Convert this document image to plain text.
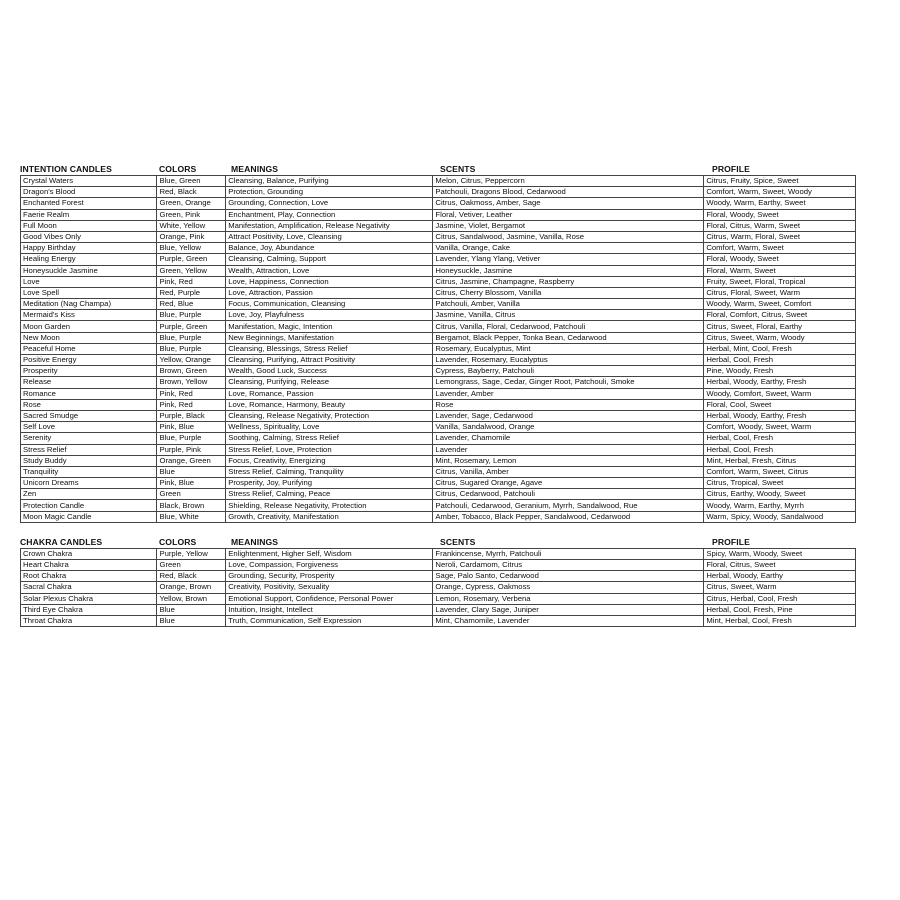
INTENTION CANDLES	COLORS	MEANINGS	SCENTS	PROFILE
Crystal Waters	Blue, Green	Cleansing, Balance, Purifying	Melon, Citrus, Peppercorn	Citrus, Fruity, Spice, Sweet
Dragon's Blood	Red, Black	Protection, Grounding	Patchouli, Dragons Blood, Cedarwood	Comfort, Warm, Sweet, Woody
Enchanted Forest	Green, Orange	Grounding, Connection, Love	Citrus, Oakmoss, Amber, Sage	Woody, Warm, Earthy, Sweet
Faerie Realm	Green, Pink	Enchantment, Play, Connection	Floral, Vetiver, Leather	Floral, Woody, Sweet
Full Moon	White, Yellow	Manifestation, Amplification, Release Negativity	Jasmine, Violet, Bergamot	Floral, Citrus, Warm, Sweet
Good Vibes Only	Orange, Pink	Attract Positivity, Love, Cleansing	Citrus, Sandalwood, Jasmine, Vanilla, Rose	Citrus, Warm, Floral, Sweet
Happy Birthday	Blue, Yellow	Balance, Joy, Abundance	Vanilla, Orange, Cake	Comfort, Warm, Sweet
Healing Energy	Purple, Green	Cleansing, Calming, Support	Lavender, Ylang Ylang, Vetiver	Floral, Woody, Sweet
Honeysuckle Jasmine	Green, Yellow	Wealth, Attraction, Love	Honeysuckle, Jasmine	Floral, Warm, Sweet
Love	Pink, Red	Love, Happiness, Connection	Citrus, Jasmine, Champagne, Raspberry	Fruity, Sweet, Floral, Tropical
Love Spell	Red, Purple	Love, Attraction, Passion	Citrus, Cherry Blossom, Vanilla	Citrus, Floral, Sweet, Warm
Meditation (Nag Champa)	Red, Blue	Focus, Communication, Cleansing	Patchouli, Amber, Vanilla	Woody, Warm, Sweet, Comfort
Mermaid's Kiss	Blue, Purple	Love, Joy, Playfulness	Jasmine, Vanilla, Citrus	Floral, Comfort, Citrus, Sweet
Moon Garden	Purple, Green	Manifestation, Magic, Intention	Citrus, Vanilla, Floral, Cedarwood, Patchouli	Citrus, Sweet, Floral, Earthy
New Moon	Blue, Purple	New Beginnings, Manifestation	Bergamot, Black Pepper, Tonka Bean, Cedarwood	Citrus, Sweet, Warm, Woody
Peaceful Home	Blue, Purple	Cleansing, Blessings, Stress Relief	Rosemary, Eucalyptus, Mint	Herbal, Mint, Cool, Fresh
Positive Energy	Yellow, Orange	Cleansing, Purifying, Attract Positivity	Lavender, Rosemary, Eucalyptus	Herbal, Cool, Fresh
Prosperity	Brown, Green	Wealth, Good Luck, Success	Cypress, Bayberry, Patchouli	Pine, Woody, Fresh
Release	Brown, Yellow	Cleansing, Purifying, Release	Lemongrass, Sage, Cedar, Ginger Root, Patchouli, Smoke	Herbal, Woody, Earthy, Fresh
Romance	Pink, Red	Love, Romance, Passion	Lavender, Amber	Woody, Comfort, Sweet, Warm
Rose	Pink, Red	Love, Romance, Harmony, Beauty	Rose	Floral, Cool, Sweet
Sacred Smudge	Purple, Black	Cleansing, Release Negativity, Protection	Lavender, Sage, Cedarwood	Herbal, Woody, Earthy, Fresh
Self Love	Pink, Blue	Wellness, Spirituality, Love	Vanilla, Sandalwood, Orange	Comfort, Woody, Sweet, Warm
Serenity	Blue, Purple	Soothing, Calming, Stress Relief	Lavender, Chamomile	Herbal, Cool, Fresh
Stress Relief	Purple, Pink	Stress Relief, Love, Protection	Lavender	Herbal, Cool, Fresh
Study Buddy	Orange, Green	Focus, Creativity, Energizing	Mint, Rosemary, Lemon	Mint, Herbal, Fresh, Citrus
Tranquility	Blue	Stress Relief, Calming, Tranquility	Citrus, Vanilla, Amber	Comfort, Warm, Sweet, Citrus
Unicorn Dreams	Pink, Blue	Prosperity, Joy, Purifying	Citrus, Sugared Orange, Agave	Citrus, Tropical, Sweet
Zen	Green	Stress Relief, Calming, Peace	Citrus, Cedarwood, Patchouli	Citrus, Earthy, Woody, Sweet
Protection Candle	Black, Brown	Shielding, Release Negativity, Protection	Patchouli, Cedarwood, Geranium, Myrrh, Sandalwood, Rue	Woody, Warm, Earthy, Myrrh
Moon Magic Candle	Blue, White	Growth, Creativity, Manifestation	Amber, Tobacco, Black Pepper, Sandalwood, Cedarwood	Warm, Spicy, Woody, Sandalwood
CHAKRA CANDLES	COLORS	MEANINGS	SCENTS	PROFILE
Crown Chakra	Purple, Yellow	Enlightenment, Higher Self, Wisdom	Frankincense, Myrrh, Patchouli	Spicy, Warm, Woody, Sweet
Heart Chakra	Green	Love, Compassion, Forgiveness	Neroli, Cardamom, Citrus	Floral, Citrus, Sweet
Root Chakra	Red, Black	Grounding, Security, Prosperity	Sage, Palo Santo, Cedarwood	Herbal, Woody, Earthy
Sacral Chakra	Orange, Brown	Creativity, Positivity, Sexuality	Orange, Cypress, Oakmoss	Citrus, Sweet, Warm
Solar Plexus Chakra	Yellow, Brown	Emotional Support, Confidence, Personal Power	Lemon, Rosemary, Verbena	Citrus, Herbal, Cool, Fresh
Third Eye Chakra	Blue	Intuition, Insight, Intellect	Lavender, Clary Sage, Juniper	Herbal, Cool, Fresh, Pine
Throat Chakra	Blue	Truth, Communication, Self Expression	Mint, Chamomile, Lavender	Mint, Herbal, Cool, Fresh
